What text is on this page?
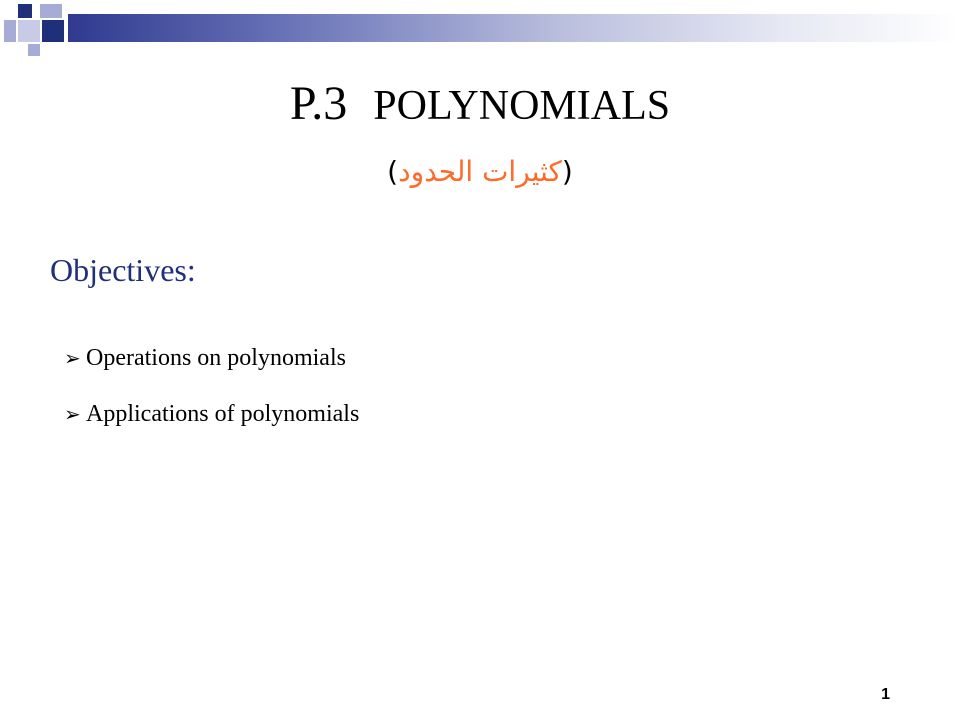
P.3 POLYNOMIALS
(كثيرات الحدود)
Objectives:
➢ Operations on polynomials
➢ Applications of polynomials
1
